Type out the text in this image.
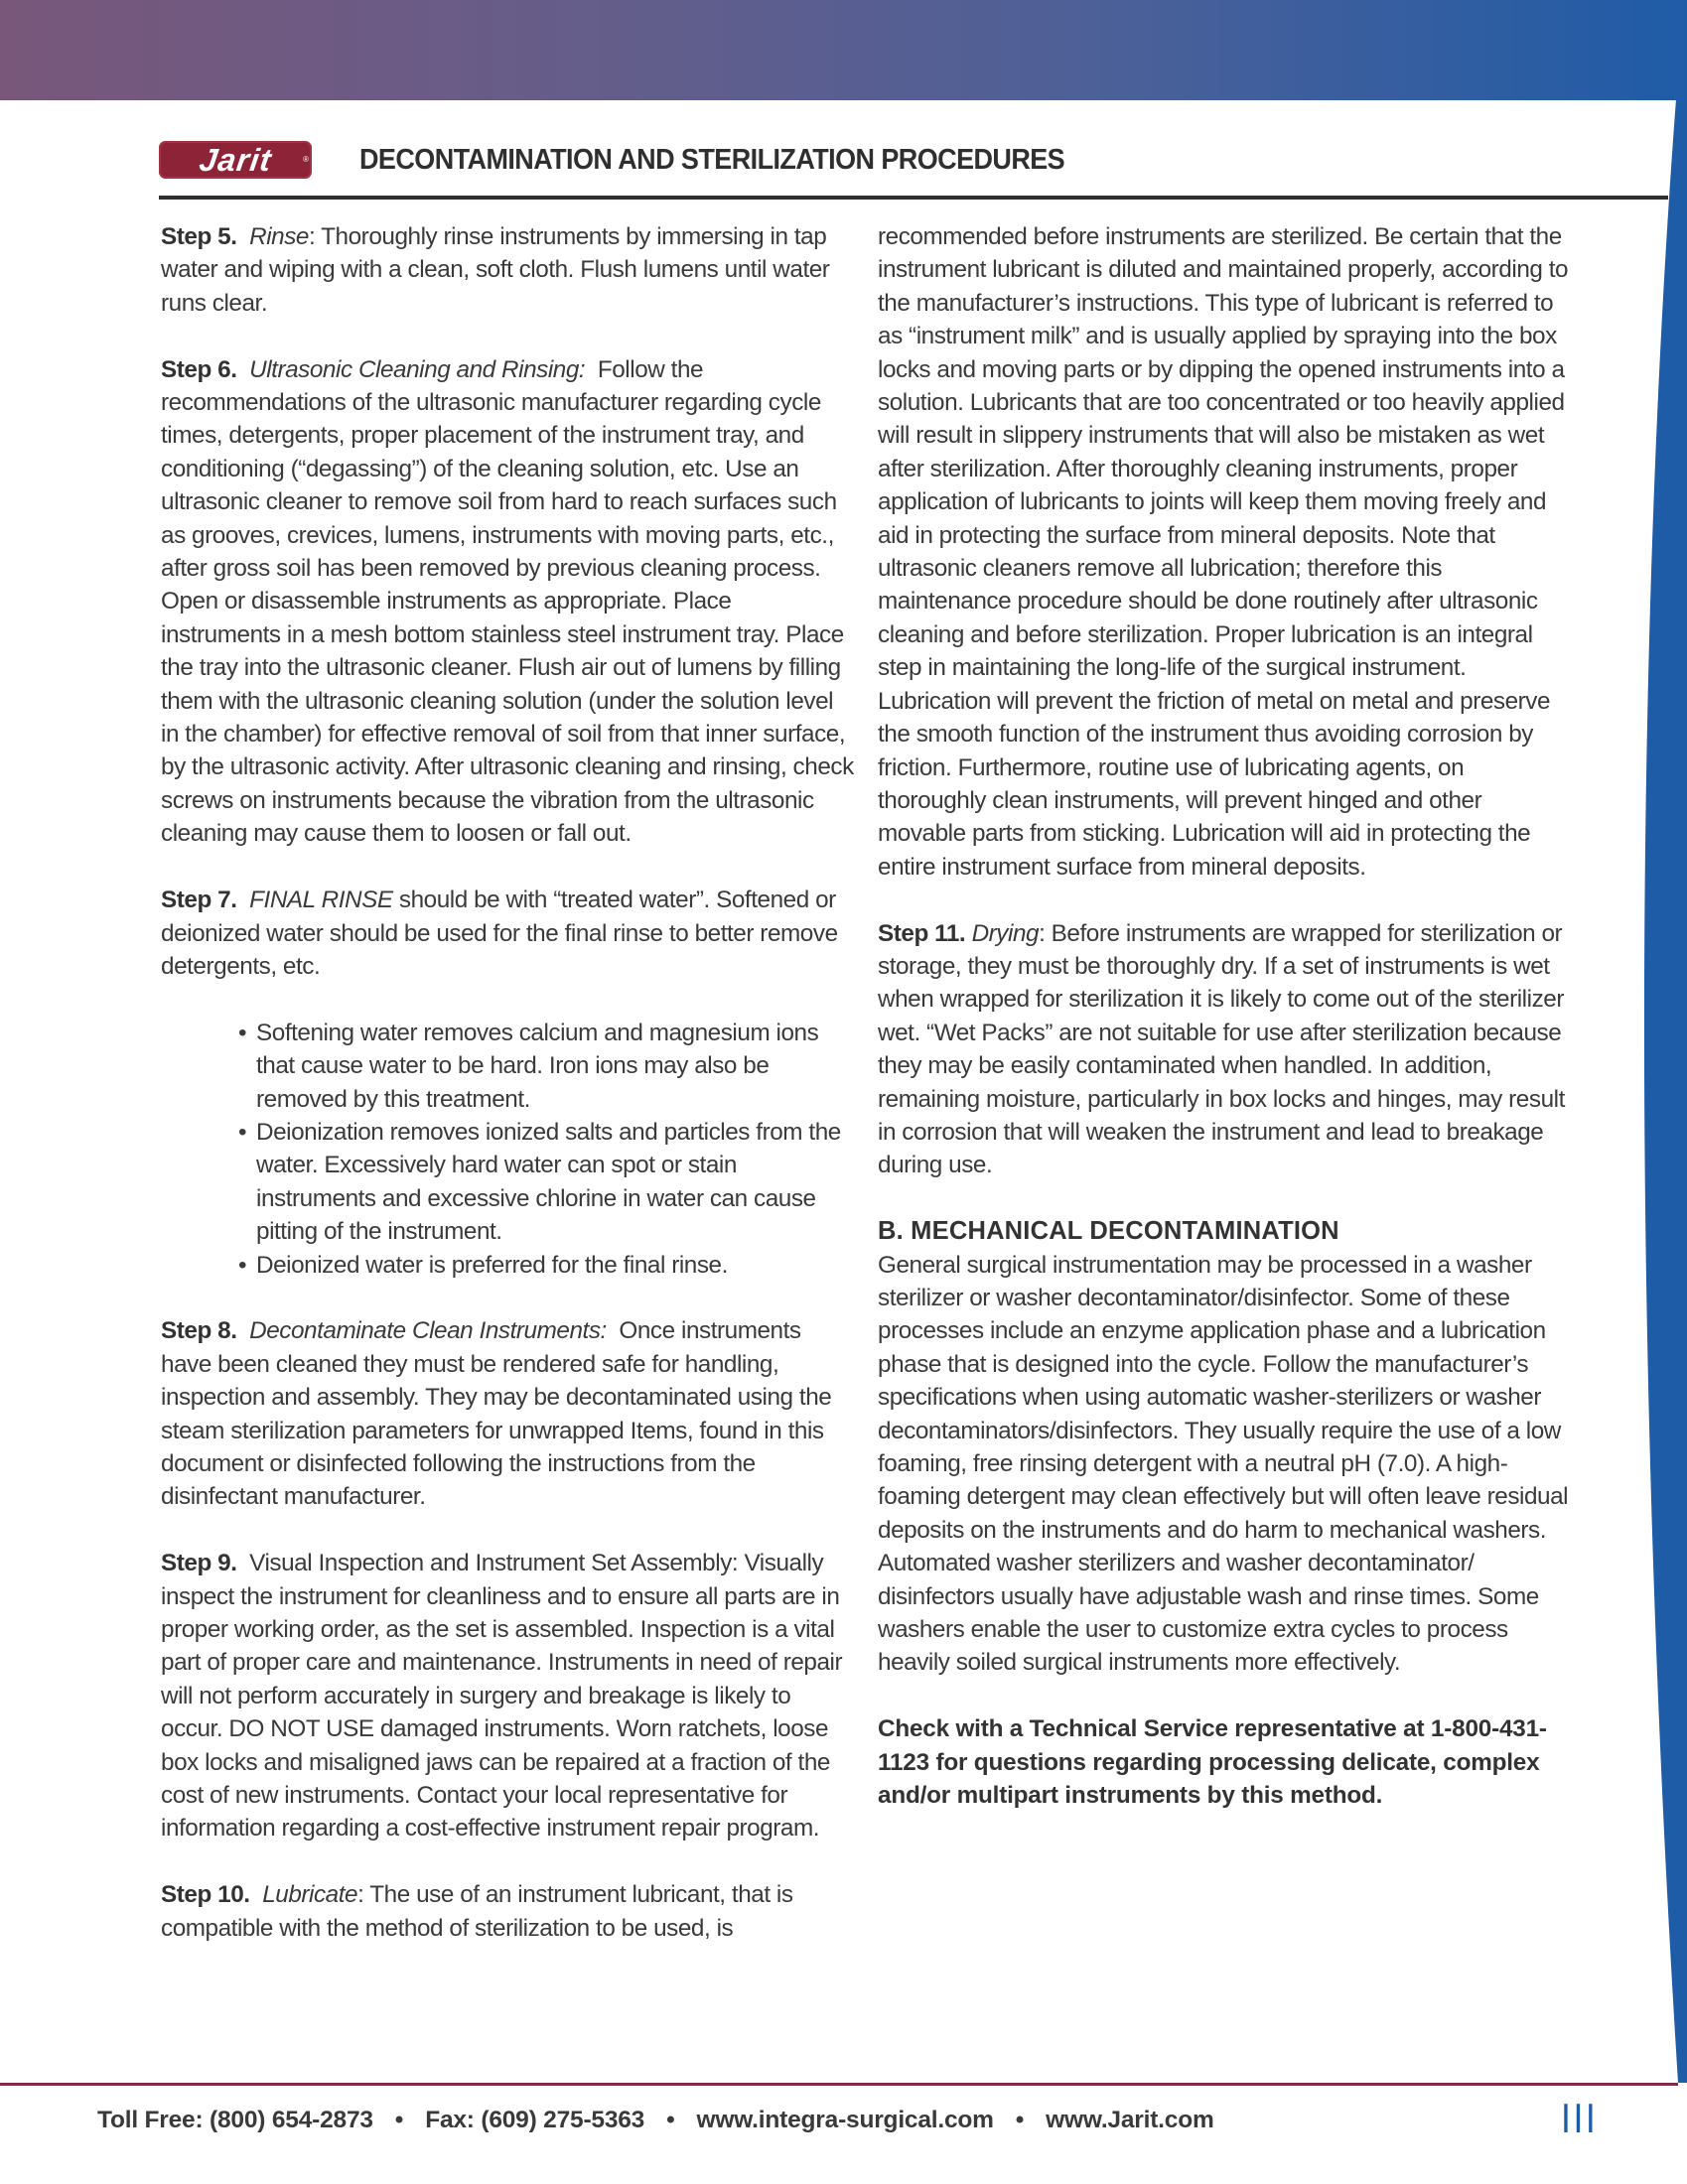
Jarit	® DECONTAMINATION AND STERILIZATION PROCEDURES

Step 5. Rinse: Thoroughly rinse instruments by immersing in tap water and wiping with a clean, soft cloth. Flush lumens until water runs clear.

Step 6. Ultrasonic Cleaning and Rinsing: Follow the recommendations of the ultrasonic manufacturer regarding cycle times, detergents, proper placement of the instrument tray, and conditioning (“degassing”) of the cleaning solution, etc. Use an ultrasonic cleaner to remove soil from hard to reach surfaces such as grooves, crevices, lumens, instruments with moving parts, etc., after gross soil has been removed by previous cleaning process. Open or disassemble instruments as appropriate. Place instruments in a mesh bottom stainless steel instrument tray. Place the tray into the ultrasonic cleaner. Flush air out of lumens by filling them with the ultrasonic cleaning solution (under the solution level in the chamber) for effective removal of soil from that inner surface, by the ultrasonic activity. After ultrasonic cleaning and rinsing, check screws on instruments because the vibration from the ultrasonic cleaning may cause them to loosen or fall out.

Step 7. FINAL RINSE should be with “treated water”. Softened or deionized water should be used for the final rinse to better remove detergents, etc.

• Softening water removes calcium and magnesium ions that cause water to be hard. Iron ions may also be removed by this treatment.
• Deionization removes ionized salts and particles from the water. Excessively hard water can spot or stain instruments and excessive chlorine in water can cause pitting of the instrument.
• Deionized water is preferred for the final rinse.

Step 8. Decontaminate Clean Instruments: Once instruments have been cleaned they must be rendered safe for handling, inspection and assembly. They may be decontaminated using the steam sterilization parameters for unwrapped Items, found in this document or disinfected following the instructions from the disinfectant manufacturer.

Step 9. Visual Inspection and Instrument Set Assembly: Visually inspect the instrument for cleanliness and to ensure all parts are in proper working order, as the set is assembled. Inspection is a vital part of proper care and maintenance. Instruments in need of repair will not perform accurately in surgery and breakage is likely to occur. DO NOT USE damaged instruments. Worn ratchets, loose box locks and misaligned jaws can be repaired at a fraction of the cost of new instruments. Contact your local representative for information regarding a cost-effective instrument repair program.

Step 10. Lubricate: The use of an instrument lubricant, that is compatible with the method of sterilization to be used, is

recommended before instruments are sterilized. Be certain that the instrument lubricant is diluted and maintained properly, according to the manufacturer’s instructions. This type of lubricant is referred to as “instrument milk” and is usually applied by spraying into the box locks and moving parts or by dipping the opened instruments into a solution. Lubricants that are too concentrated or too heavily applied will result in slippery instruments that will also be mistaken as wet after sterilization. After thoroughly cleaning instruments, proper application of lubricants to joints will keep them moving freely and aid in protecting the surface from mineral deposits. Note that ultrasonic cleaners remove all lubrication; therefore this maintenance procedure should be done routinely after ultrasonic cleaning and before sterilization. Proper lubrication is an integral step in maintaining the long-life of the surgical instrument. Lubrication will prevent the friction of metal on metal and preserve the smooth function of the instrument thus avoiding corrosion by friction. Furthermore, routine use of lubricating agents, on thoroughly clean instruments, will prevent hinged and other movable parts from sticking. Lubrication will aid in protecting the entire instrument surface from mineral deposits.

Step 11. Drying: Before instruments are wrapped for sterilization or storage, they must be thoroughly dry. If a set of instruments is wet when wrapped for sterilization it is likely to come out of the sterilizer wet. “Wet Packs” are not suitable for use after sterilization because they may be easily contaminated when handled. In addition, remaining moisture, particularly in box locks and hinges, may result in corrosion that will weaken the instrument and lead to breakage during use.

B. MECHANICAL DECONTAMINATION

General surgical instrumentation may be processed in a washer sterilizer or washer decontaminator/disinfector. Some of these processes include an enzyme application phase and a lubrication phase that is designed into the cycle. Follow the manufacturer’s specifications when using automatic washer-sterilizers or washer decontaminators/disinfectors. They usually require the use of a low foaming, free rinsing detergent with a neutral pH (7.0). A high-foaming detergent may clean effectively but will often leave residual deposits on the instruments and do harm to mechanical washers. Automated washer sterilizers and washer decontaminator/ disinfectors usually have adjustable wash and rinse times. Some washers enable the user to customize extra cycles to process heavily soiled surgical instruments more effectively.

Check with a Technical Service representative at 1-800-431-1123 for questions regarding processing delicate, complex and/or multipart instruments by this method.

Toll Free: (800) 654-2873 • Fax: (609) 275-5363 • www.integra-surgical.com • www.Jarit.com	III
